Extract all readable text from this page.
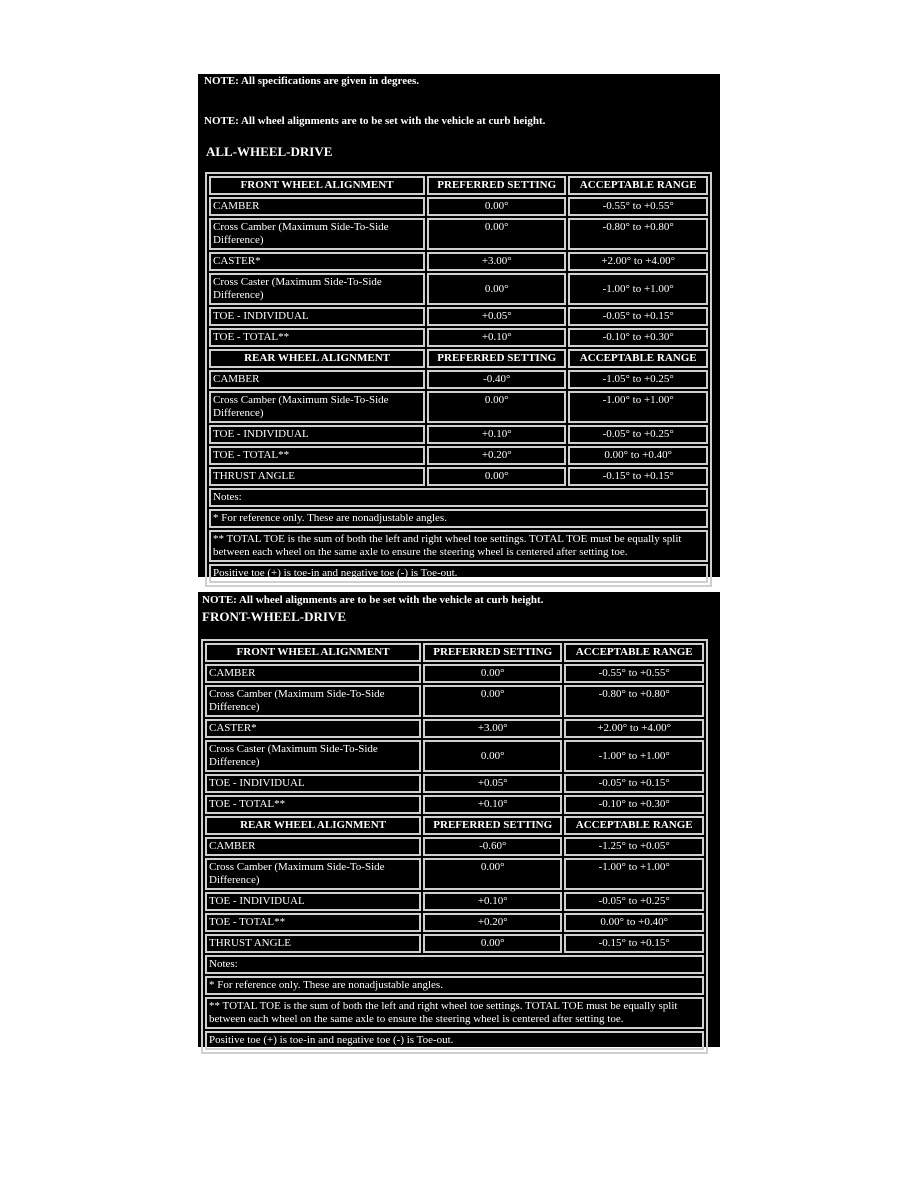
NOTE: All specifications are given in degrees.
NOTE: All wheel alignments are to be set with the vehicle at curb height.
ALL-WHEEL-DRIVE
FRONT WHEEL ALIGNMENT	PREFERRED SETTING	ACCEPTABLE RANGE
CAMBER	0.00°	-0.55° to +0.55°
Cross Camber (Maximum Side-To-Side Difference)	0.00°	-0.80° to +0.80°
CASTER*	+3.00°	+2.00° to +4.00°
Cross Caster (Maximum Side-To-Side Difference)	0.00°	-1.00° to +1.00°
TOE - INDIVIDUAL	+0.05°	-0.05° to +0.15°
TOE - TOTAL**	+0.10°	-0.10° to +0.30°
REAR WHEEL ALIGNMENT	PREFERRED SETTING	ACCEPTABLE RANGE
CAMBER	-0.40°	-1.05° to +0.25°
Cross Camber (Maximum Side-To-Side Difference)	0.00°	-1.00° to +1.00°
TOE - INDIVIDUAL	+0.10°	-0.05° to +0.25°
TOE - TOTAL**	+0.20°	0.00° to +0.40°
THRUST ANGLE	0.00°	-0.15° to +0.15°
Notes:		
* For reference only. These are nonadjustable angles.		
** TOTAL TOE is the sum of both the left and right wheel toe settings. TOTAL TOE must be equally split between each wheel on the same axle to ensure the steering wheel is centered after setting toe.		
Positive toe (+) is toe-in and negative toe (-) is Toe-out.		
NOTE: All wheel alignments are to be set with the vehicle at curb height.
FRONT-WHEEL-DRIVE
FRONT WHEEL ALIGNMENT	PREFERRED SETTING	ACCEPTABLE RANGE
CAMBER	0.00°	-0.55° to +0.55°
Cross Camber (Maximum Side-To-Side Difference)	0.00°	-0.80° to +0.80°
CASTER*	+3.00°	+2.00° to +4.00°
Cross Caster (Maximum Side-To-Side Difference)	0.00°	-1.00° to +1.00°
TOE - INDIVIDUAL	+0.05°	-0.05° to +0.15°
TOE - TOTAL**	+0.10°	-0.10° to +0.30°
REAR WHEEL ALIGNMENT	PREFERRED SETTING	ACCEPTABLE RANGE
CAMBER	-0.60°	-1.25° to +0.05°
Cross Camber (Maximum Side-To-Side Difference)	0.00°	-1.00° to +1.00°
TOE - INDIVIDUAL	+0.10°	-0.05° to +0.25°
TOE - TOTAL**	+0.20°	0.00° to +0.40°
THRUST ANGLE	0.00°	-0.15° to +0.15°
Notes:		
* For reference only. These are nonadjustable angles.		
** TOTAL TOE is the sum of both the left and right wheel toe settings. TOTAL TOE must be equally split between each wheel on the same axle to ensure the steering wheel is centered after setting toe.		
Positive toe (+) is toe-in and negative toe (-) is Toe-out.		
